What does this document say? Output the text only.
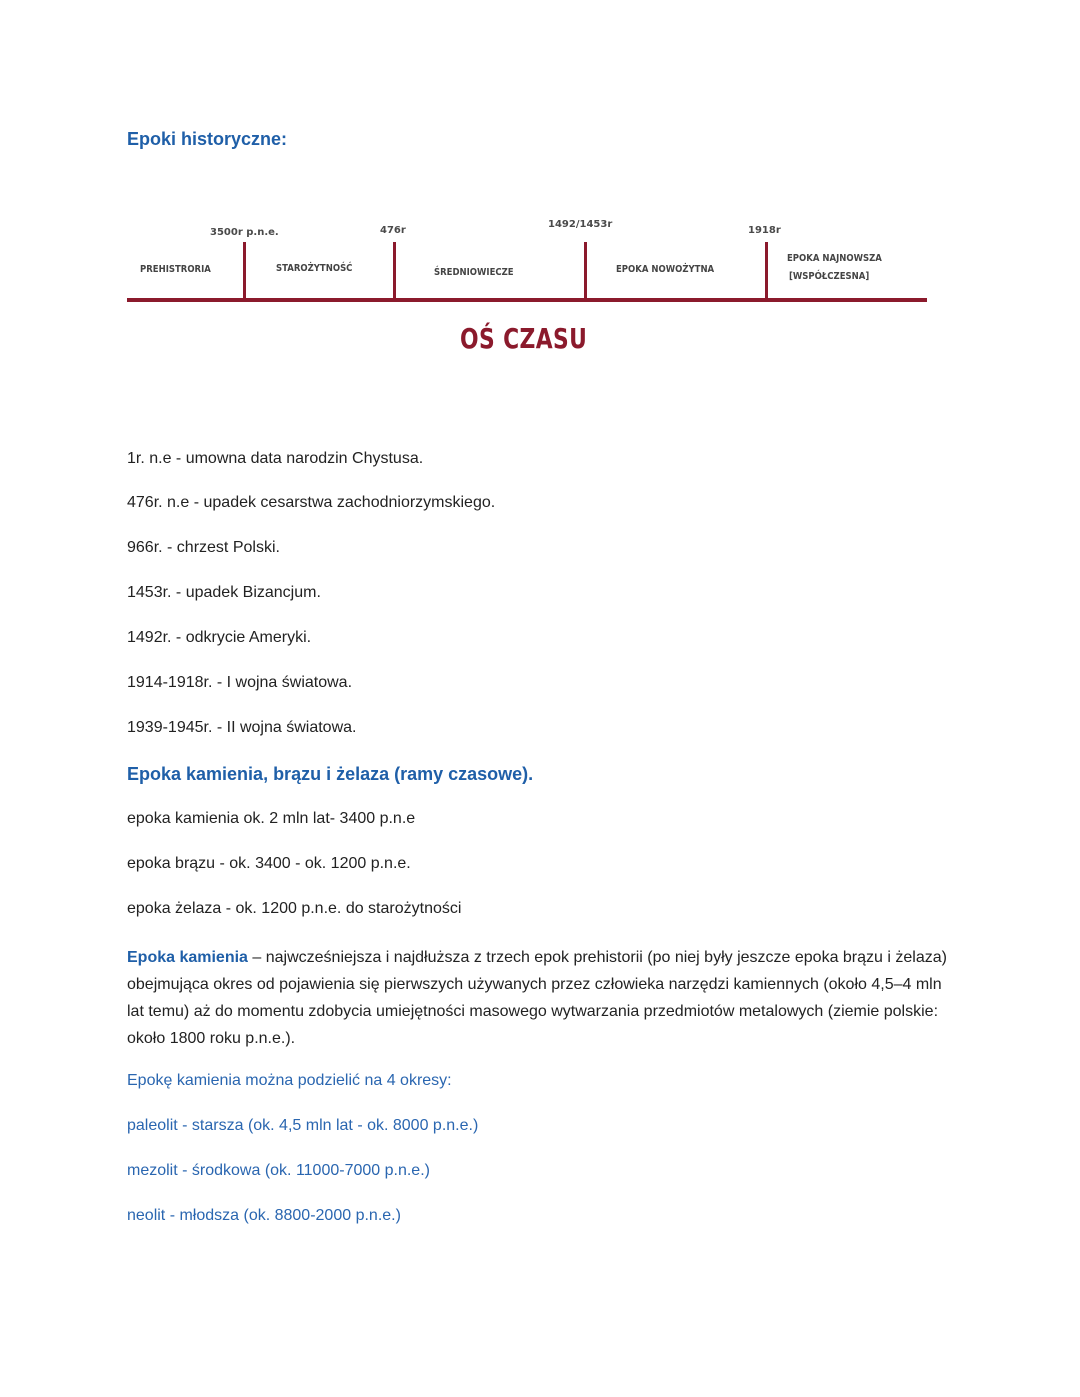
Epoki historyczne:
3500r p.n.e.	476r
1492/1453r
1918r
PREHISTRORIA	STAROŻYTNOŚĆ	ŚREDNIOWIECZE	EPOKA NOWOŻYTNA
EPOKA NAJNOWSZA
[WSPÓŁCZESNA]
OŚ CZASU
1r. n.e - umowna data narodzin Chystusa.
476r. n.e - upadek cesarstwa zachodniorzymskiego.
966r. - chrzest Polski.
1453r. - upadek Bizancjum.
1492r. - odkrycie Ameryki.
1914-1918r. - I wojna światowa.
1939-1945r. - II wojna światowa.
Epoka kamienia, brązu i żelaza (ramy czasowe).
epoka kamienia ok. 2 mln lat- 3400 p.n.e
epoka brązu - ok. 3400 - ok. 1200 p.n.e.
epoka żelaza - ok. 1200 p.n.e. do starożytności
Epoka kamienia – najwcześniejsza i najdłuższa z trzech epok prehistorii (po niej były jeszcze epoka brązu i żelaza) obejmująca okres od pojawienia się pierwszych używanych przez człowieka narzędzi kamiennych (około 4,5–4 mln lat temu) aż do momentu zdobycia umiejętności masowego wytwarzania przedmiotów metalowych (ziemie polskie: około 1800 roku p.n.e.).
Epokę kamienia można podzielić na 4 okresy:
paleolit - starsza (ok. 4,5 mln lat - ok. 8000 p.n.e.)
mezolit - środkowa (ok. 11000-7000 p.n.e.)
neolit - młodsza (ok. 8800-2000 p.n.e.)
